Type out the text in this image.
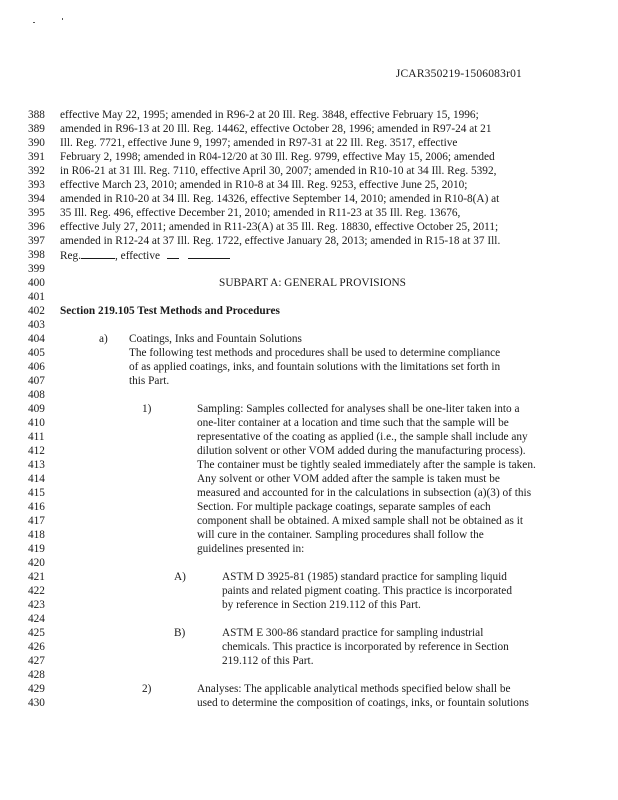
JCAR350219-1506083r01
388	effective May 22, 1995; amended in R96-2 at 20 Ill. Reg. 3848, effective February 15, 1996;
389	amended in R96-13 at 20 Ill. Reg. 14462, effective October 28, 1996; amended in R97-24 at 21
390	Ill. Reg. 7721, effective June 9, 1997; amended in R97-31 at 22 Ill. Reg. 3517, effective
391	February 2, 1998; amended in R04-12/20 at 30 Ill. Reg. 9799, effective May 15, 2006; amended
392	in R06-21 at 31 Ill. Reg. 7110, effective April 30, 2007; amended in R10-10 at 34 Ill. Reg. 5392,
393	effective March 23, 2010; amended in R10-8 at 34 Ill. Reg. 9253, effective June 25, 2010;
394	amended in R10-20 at 34 Ill. Reg. 14326, effective September 14, 2010; amended in R10-8(A) at
395	35 Ill. Reg. 496, effective December 21, 2010; amended in R11-23 at 35 Ill. Reg. 13676,
396	effective July 27, 2011; amended in R11-23(A) at 35 Ill. Reg. 18830, effective October 25, 2011;
397	amended in R12-24 at 37 Ill. Reg. 1722, effective January 28, 2013; amended in R15-18 at 37 Ill.
398	Reg.	, effective
399
400	SUBPART A: GENERAL PROVISIONS
401
402	Section 219.105 Test Methods and Procedures
403
404	a) Coatings, Inks and Fountain Solutions
405	The following test methods and procedures shall be used to determine compliance
406	of as applied coatings, inks, and fountain solutions with the limitations set forth in
407	this Part.
408
409	1)	Sampling: Samples collected for analyses shall be one-liter taken into a
410	one-liter container at a location and time such that the sample will be
411	representative of the coating as applied (i.e., the sample shall include any
412	dilution solvent or other VOM added during the manufacturing process).
413	The container must be tightly sealed immediately after the sample is taken.
414	Any solvent or other VOM added after the sample is taken must be
415	measured and accounted for in the calculations in subsection (a)(3) of this
416	Section. For multiple package coatings, separate samples of each
417	component shall be obtained. A mixed sample shall not be obtained as it
418	will cure in the container. Sampling procedures shall follow the
419	guidelines presented in:
420
421	A)	ASTM D 3925-81 (1985) standard practice for sampling liquid
422	paints and related pigment coating. This practice is incorporated
423	by reference in Section 219.112 of this Part.
424
425	B)	ASTM E 300-86 standard practice for sampling industrial
426	chemicals. This practice is incorporated by reference in Section
427	219.112 of this Part.
428
429	2)	Analyses: The applicable analytical methods specified below shall be
430	used to determine the composition of coatings, inks, or fountain solutions
